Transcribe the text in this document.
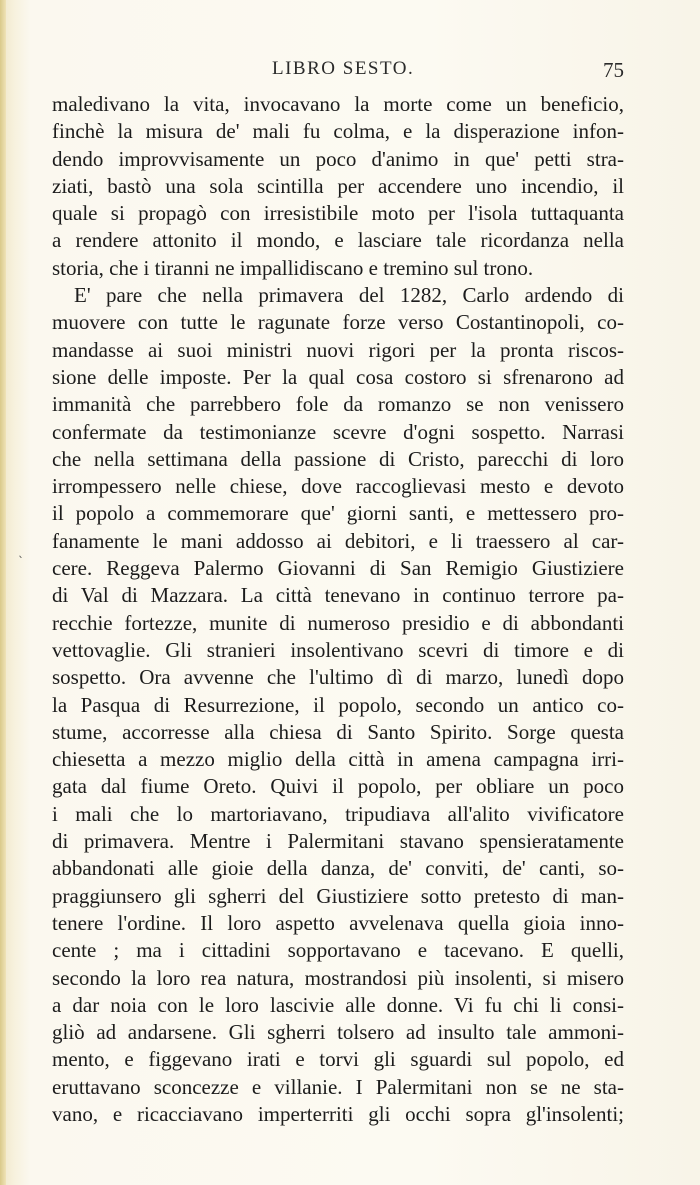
LIBRO SESTO.	75
ˎ
maledivano la vita, invocavano la morte come un beneficio,
finchè la misura de' mali fu colma, e la disperazione infon-
dendo improvvisamente un poco d'animo in que' petti stra-
ziati, bastò una sola scintilla per accendere uno incendio, il
quale si propagò con irresistibile moto per l'isola tuttaquanta
a rendere attonito il mondo, e lasciare tale ricordanza nella
storia, che i tiranni ne impallidiscano e tremino sul trono.
E' pare che nella primavera del 1282, Carlo ardendo di
muovere con tutte le ragunate forze verso Costantinopoli, co-
mandasse ai suoi ministri nuovi rigori per la pronta riscos-
sione delle imposte. Per la qual cosa costoro si sfrenarono ad
immanità che parrebbero fole da romanzo se non venissero
confermate da testimonianze scevre d'ogni sospetto. Narrasi
che nella settimana della passione di Cristo, parecchi di loro
irrompessero nelle chiese, dove raccoglievasi mesto e devoto
il popolo a commemorare que' giorni santi, e mettessero pro-
fanamente le mani addosso ai debitori, e li traessero al car-
cere. Reggeva Palermo Giovanni di San Remigio Giustiziere
di Val di Mazzara. La città tenevano in continuo terrore pa-
recchie fortezze, munite di numeroso presidio e di abbondanti
vettovaglie. Gli stranieri insolentivano scevri di timore e di
sospetto. Ora avvenne che l'ultimo dì di marzo, lunedì dopo
la Pasqua di Resurrezione, il popolo, secondo un antico co-
stume, accorresse alla chiesa di Santo Spirito. Sorge questa
chiesetta a mezzo miglio della città in amena campagna irri-
gata dal fiume Oreto. Quivi il popolo, per obliare un poco
i mali che lo martoriavano, tripudiava all'alito vivificatore
di primavera. Mentre i Palermitani stavano spensieratamente
abbandonati alle gioie della danza, de' conviti, de' canti, so-
praggiunsero gli sgherri del Giustiziere sotto pretesto di man-
tenere l'ordine. Il loro aspetto avvelenava quella gioia inno-
cente ; ma i cittadini sopportavano e tacevano. E quelli,
secondo la loro rea natura, mostrandosi più insolenti, si misero
a dar noia con le loro lascivie alle donne. Vi fu chi li consi-
gliò ad andarsene. Gli sgherri tolsero ad insulto tale ammoni-
mento, e figgevano irati e torvi gli sguardi sul popolo, ed
eruttavano sconcezze e villanie. I Palermitani non se ne sta-
vano, e ricacciavano imperterriti gli occhi sopra gl'insolenti;
